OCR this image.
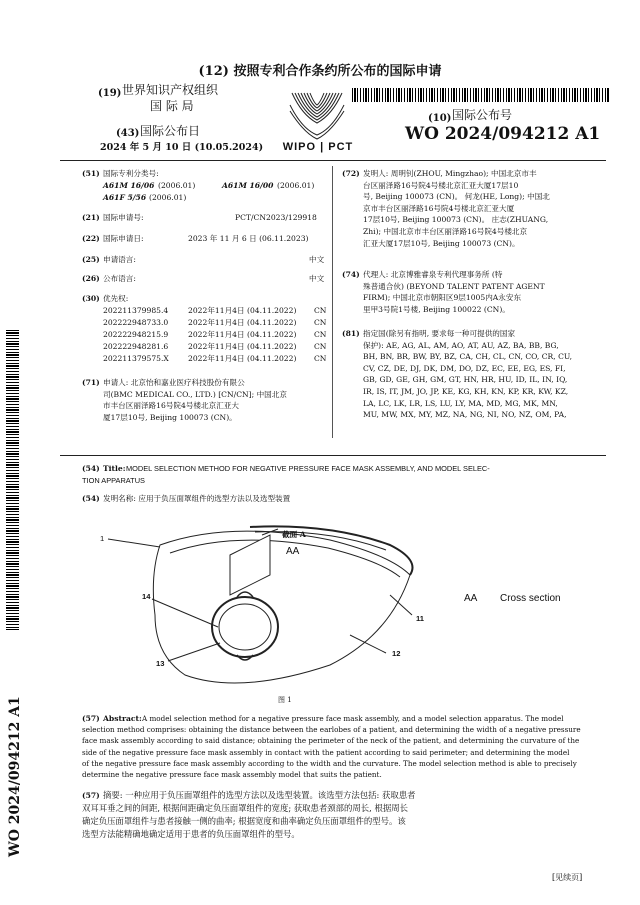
(12) 按照专利合作条约所公布的国际申请
(19) 世界知识产权组织
国 际 局
(43) 国际公布日
2024 年 5 月 10 日 (10.05.2024)	WIPO | PCT
(10) 国际公布号
WO 2024/094212 A1
(51) 国际专利分类号:
A61M 16/06 (2006.01)	A61M 16/00 (2006.01)
A61F 5/56 (2006.01)
(21) 国际申请号:	PCT/CN2023/129918
(22) 国际申请日:	2023 年 11 月 6 日 (06.11.2023)
(25) 申请语言:	中文
(26) 公布语言:	中文
(30) 优先权:
202211379985.4	2022年11月4日 (04.11.2022) CN
202222948733.0	2022年11月4日 (04.11.2022) CN
202222948215.9	2022年11月4日 (04.11.2022) CN
202222948281.6	2022年11月4日 (04.11.2022) CN
202211379575.X	2022年11月4日 (04.11.2022) CN
(71) 申请人: 北京怡和嘉业医疗科技股份有限公
司(BMC MEDICAL CO., LTD.) [CN/CN]; 中国北京
市丰台区丽泽路16号院4号楼北京汇亚大
厦17层10号, Beijing 100073 (CN)。
(72) 发明人: 周明钊(ZHOU, Mingzhao); 中国北京市丰
台区丽泽路16号院4号楼北京汇亚大厦17层10
号, Beijing 100073 (CN)。 何龙(HE, Long); 中国北
京市丰台区丽泽路16号院4号楼北京汇亚大厦
17层10号, Beijing 100073 (CN)。 庄志(ZHUANG,
Zhi); 中国北京市丰台区丽泽路16号院4号楼北京
汇亚大厦17层10号, Beijing 100073 (CN)。
(74) 代理人: 北京博雅睿泉专利代理事务所 (特
殊普通合伙) (BEYOND TALENT PATENT AGENT
FIRM); 中国北京市朝阳区9层1005内A永安东
里甲3号院1号楼, Beijing 100022 (CN)。
(81) 指定国(除另有指明, 要求每一种可提供的国家
保护): AE, AG, AL, AM, AO, AT, AU, AZ, BA, BB, BG,
BH, BN, BR, BW, BY, BZ, CA, CH, CL, CN, CO, CR, CU,
CV, CZ, DE, DJ, DK, DM, DO, DZ, EC, EE, EG, ES, FI,
GB, GD, GE, GH, GM, GT, HN, HR, HU, ID, IL, IN, IQ,
IR, IS, IT, JM, JO, JP, KE, KG, KH, KN, KP, KR, KW, KZ,
LA, LC, LK, LR, LS, LU, LY, MA, MD, MG, MK, MN,
MU, MW, MX, MY, MZ, NA, NG, NI, NO, NZ, OM, PA,
WO 2024/094212 A1
(54) Title: MODEL SELECTION METHOD FOR NEGATIVE PRESSURE FACE MASK ASSEMBLY, AND MODEL SELEC-
TION APPARATUS
(54) 发明名称: 应用于负压面罩组件的选型方法以及选型装置
1
14
13
12
11
截面 A
AA
AA Cross section
图 1
(57) Abstract: A model selection method for a negative pressure face mask assembly, and a model selection apparatus. The model
selection method comprises: obtaining the distance between the earlobes of a patient, and determining the width of a negative pressure
face mask assembly according to said distance; obtaining the perimeter of the neck of the patient, and determining the curvature of the
side of the negative pressure face mask assembly in contact with the patient according to said perimeter; and determining the model
of the negative pressure face mask assembly according to the width and the curvature. The model selection method is able to precisely
determine the negative pressure face mask assembly model that suits the patient.
(57) 摘要: 一种应用于负压面罩组件的选型方法以及选型装置。该选型方法包括: 获取患者
双耳耳垂之间的间距, 根据间距确定负压面罩组件的宽度; 获取患者颈部的周长, 根据周长
确定负压面罩组件与患者接触一侧的曲率; 根据宽度和曲率确定负压面罩组件的型号。该
选型方法能精确地确定适用于患者的负压面罩组件的型号。
[见续页]
